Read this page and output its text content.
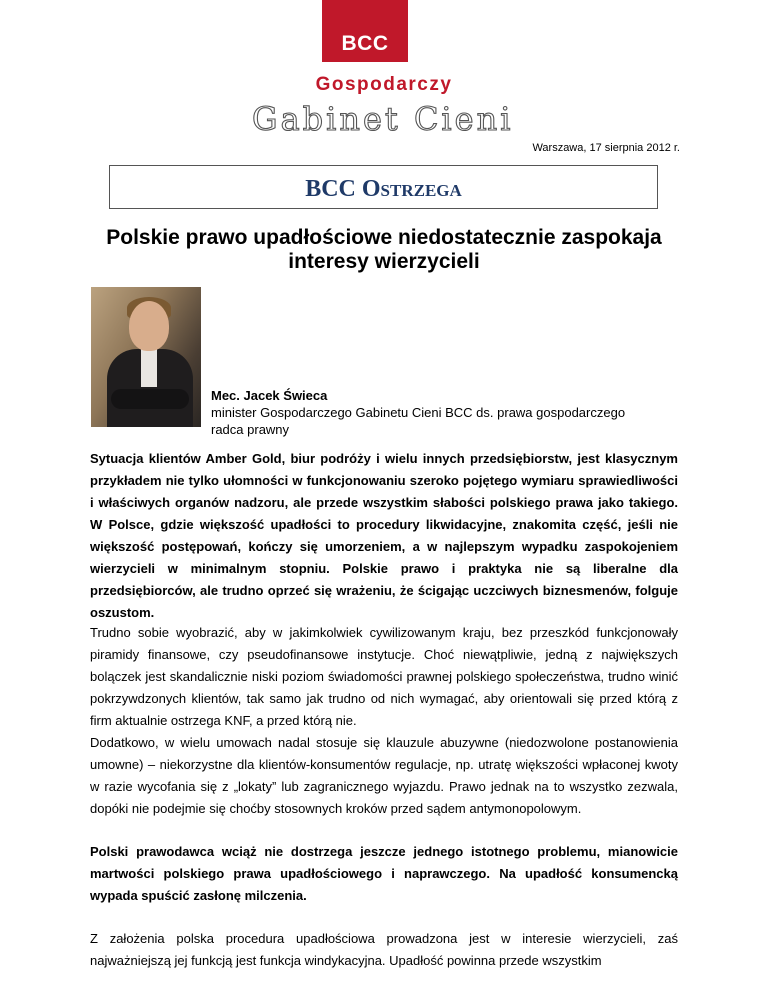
BCC
Gospodarczy
Gabinet Cieni
Warszawa, 17 sierpnia 2012 r.
BCC Ostrzega
Polskie prawo upadłościowe niedostatecznie zaspokaja interesy wierzycieli
Mec. Jacek Świeca
minister Gospodarczego Gabinetu Cieni BCC ds. prawa gospodarczego
radca prawny

Sytuacja klientów Amber Gold, biur podróży i wielu innych przedsiębiorstw, jest klasycznym przykładem nie tylko ułomności w funkcjonowaniu szeroko pojętego wymiaru sprawiedliwości i właściwych organów nadzoru, ale przede wszystkim słabości polskiego prawa jako takiego. W Polsce, gdzie większość upadłości to procedury likwidacyjne, znakomita część, jeśli nie większość postępowań, kończy się umorzeniem, a w najlepszym wypadku zaspokojeniem wierzycieli w minimalnym stopniu. Polskie prawo i praktyka nie są liberalne dla przedsiębiorców, ale trudno oprzeć się wrażeniu, że ścigając uczciwych biznesmenów, folguje oszustom.

Trudno sobie wyobrazić, aby w jakimkolwiek cywilizowanym kraju, bez przeszkód funkcjonowały piramidy finansowe, czy pseudofinansowe instytucje. Choć niewątpliwie, jedną z największych bolączek jest skandalicznie niski poziom świadomości prawnej polskiego społeczeństwa, trudno winić pokrzywdzonych klientów, tak samo jak trudno od nich wymagać, aby orientowali się przed którą z firm aktualnie ostrzega KNF, a przed którą nie.

Dodatkowo, w wielu umowach nadal stosuje się klauzule abuzywne (niedozwolone postanowienia umowne) – niekorzystne dla klientów-konsumentów regulacje, np. utratę większości wpłaconej kwoty w razie wycofania się z „lokaty” lub zagranicznego wyjazdu. Prawo jednak na to wszystko zezwala, dopóki nie podejmie się choćby stosownych kroków przed sądem antymonopolowym.

Polski prawodawca wciąż nie dostrzega jeszcze jednego istotnego problemu, mianowicie martwości polskiego prawa upadłościowego i naprawczego. Na upadłość konsumencką wypada spuścić zasłonę milczenia.

Z założenia polska procedura upadłościowa prowadzona jest w interesie wierzycieli, zaś najważniejszą jej funkcją jest funkcja windykacyjna. Upadłość powinna przede wszystkim
